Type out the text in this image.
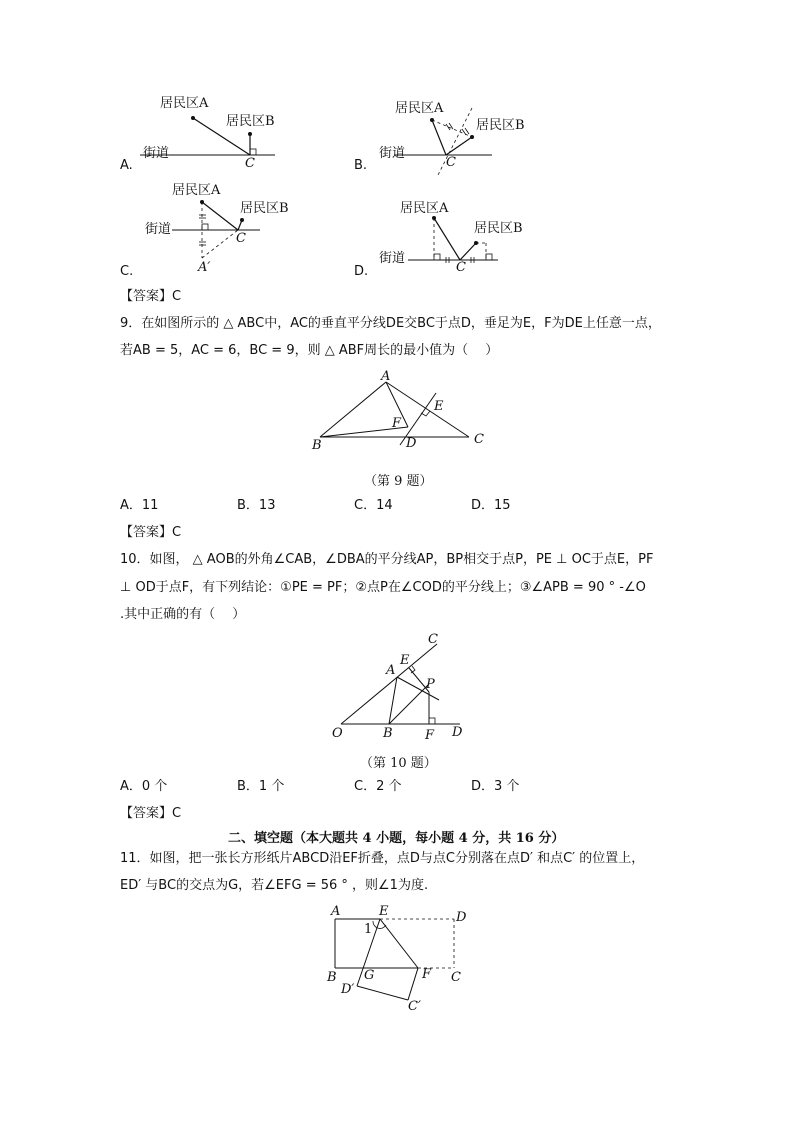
居民区A
居民区B
街道
C
A.
居民区A
居民区B
街道
C
B.
居民区A
居民区B
街道
C
A′
C.
居民区A
居民区B
街道
C
D.
【答案】C
9．在如图所示的 △ ABC中，AC的垂直平分线DE交BC于点D，垂足为E，F为DE上任意一点，
若AB = 5，AC = 6，BC = 9，则 △ ABF周长的最小值为（　 ）
A
E
F
B	D	C
（第 9 题）
A．11	B．13	C．14	D．15
【答案】C
10．如图， △ AOB的外角∠CAB，∠DBA的平分线AP，BP相交于点P，PE ⊥ OC于点E，PF
⊥ OD于点F，有下列结论：①PE = PF；②点P在∠COD的平分线上；③∠APB = 90 ° -∠O
.其中正确的有（　 ）
C
E
A
P
O	B F D
（第 10 题）
A．0 个	B．1 个	C．2 个	D．3 个
【答案】C
二、填空题（本大题共 4 小题，每小题 4 分，共 16 分）
11．如图，把一张长方形纸片ABCD沿EF折叠，点D与点C分别落在点D′ 和点C′ 的位置上，
ED′ 与BC的交点为G，若∠EFG = 56 ° ，则∠1为度.
A	E	D
1
B G	F C
D′
C′
